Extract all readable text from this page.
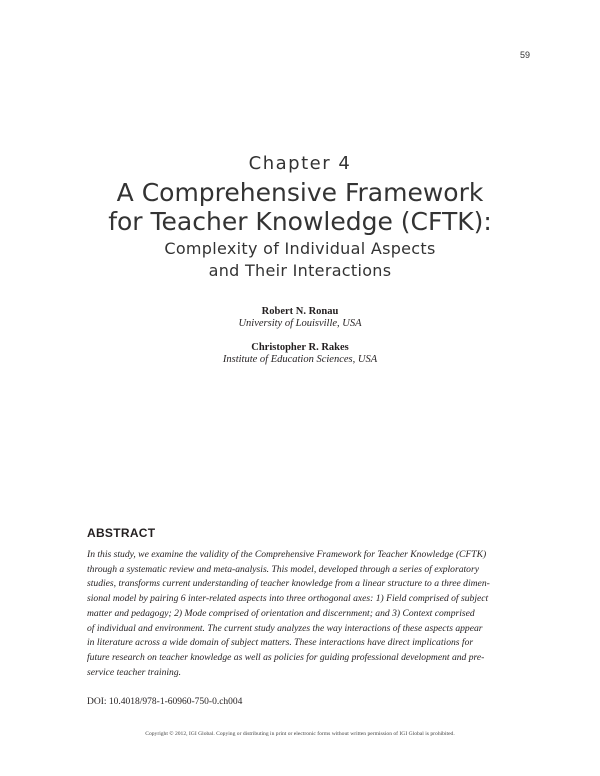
59
Chapter 4
A Comprehensive Framework
for Teacher Knowledge (CFTK):
Complexity of Individual Aspects
and Their Interactions
Robert N. Ronau
University of Louisville, USA
Christopher R. Rakes
Institute of Education Sciences, USA
ABSTRACT
In this study, we examine the validity of the Comprehensive Framework for Teacher Knowledge (CFTK)
through a systematic review and meta-analysis. This model, developed through a series of exploratory
studies, transforms current understanding of teacher knowledge from a linear structure to a three dimen-
sional model by pairing 6 inter-related aspects into three orthogonal axes: 1) Field comprised of subject
matter and pedagogy; 2) Mode comprised of orientation and discernment; and 3) Context comprised
of individual and environment. The current study analyzes the way interactions of these aspects appear
in literature across a wide domain of subject matters. These interactions have direct implications for
future research on teacher knowledge as well as policies for guiding professional development and pre-
service teacher training.
DOI: 10.4018/978-1-60960-750-0.ch004
Copyright © 2012, IGI Global. Copying or distributing in print or electronic forms without written permission of IGI Global is prohibited.
